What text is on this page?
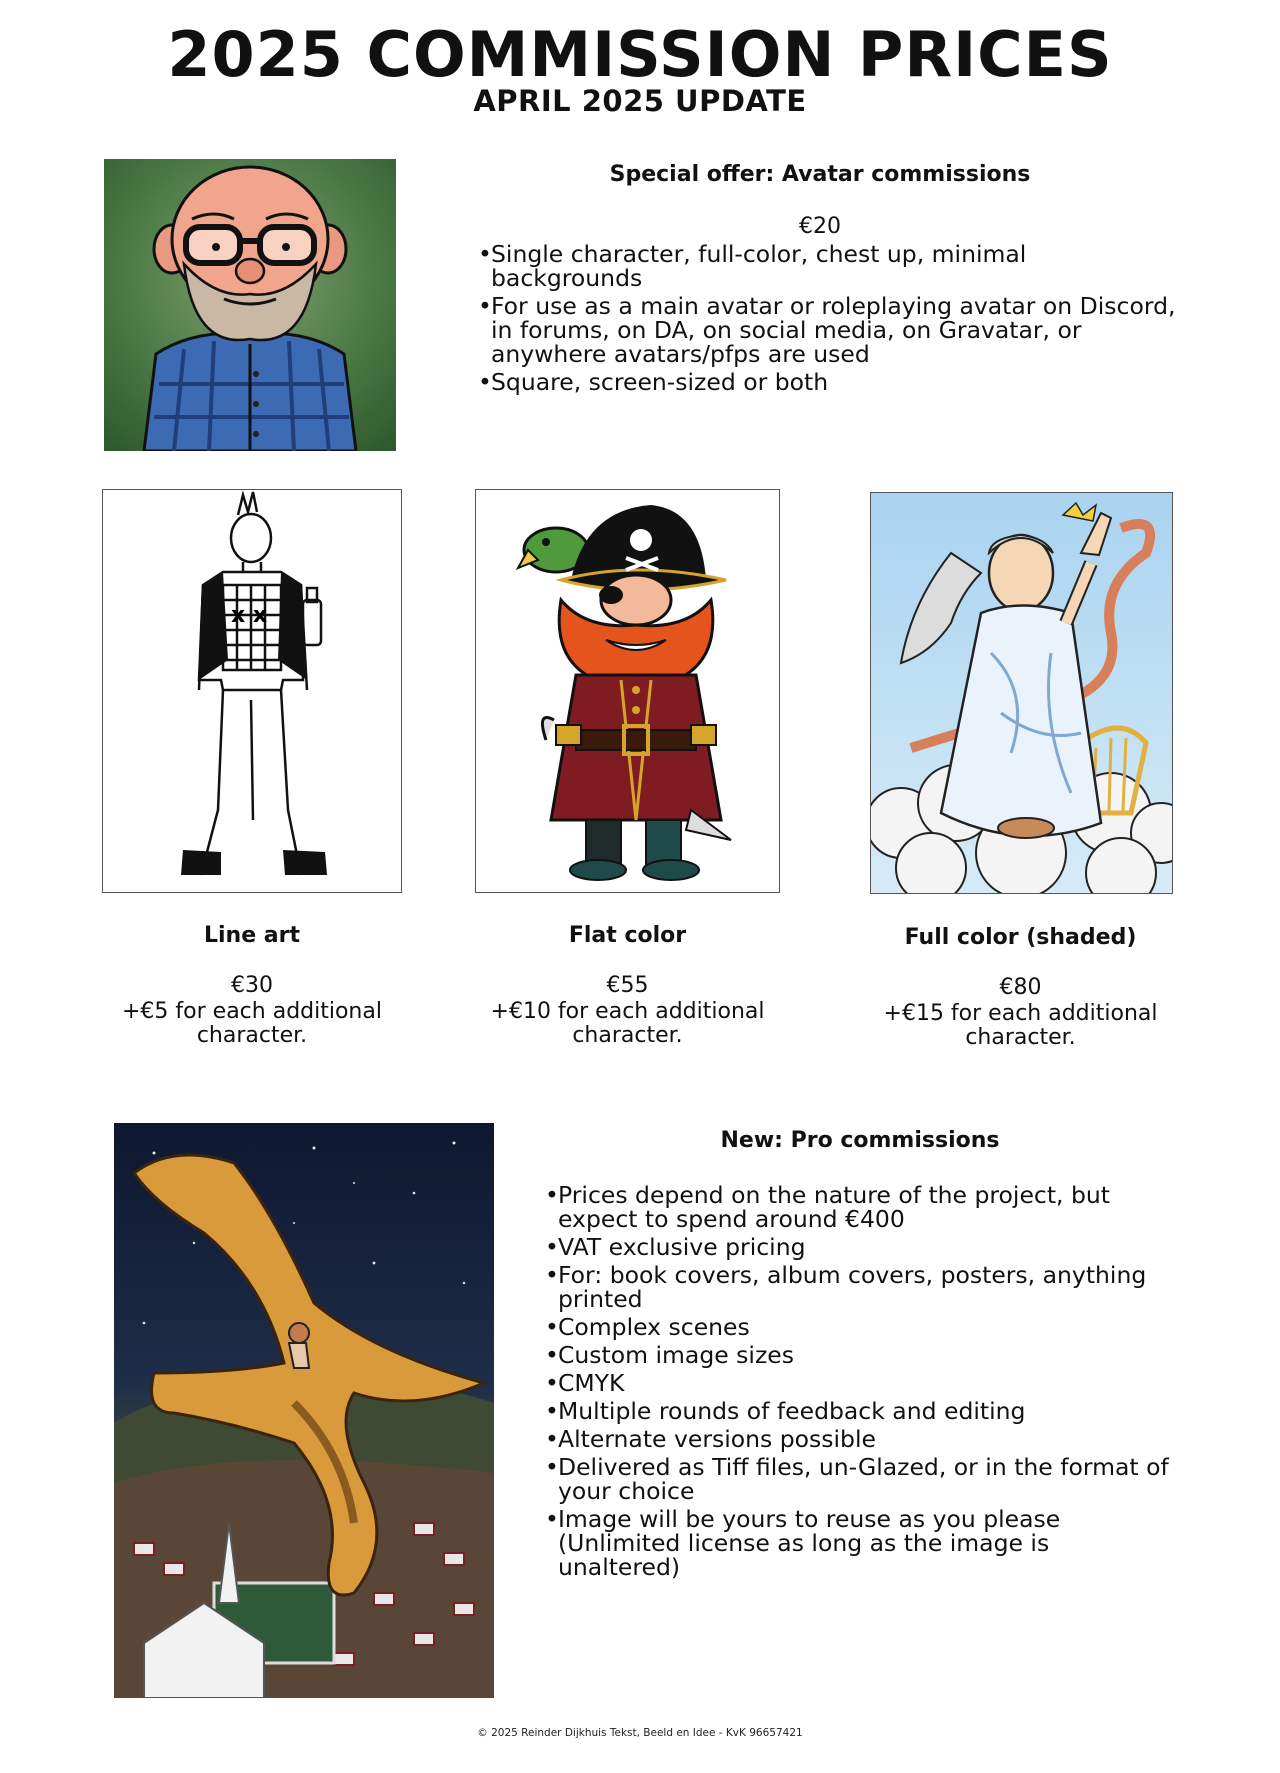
2025 COMMISSION PRICES
APRIL 2025 UPDATE
Special offer: Avatar commissions
€20
• Single character, full-color, chest up, minimal backgrounds
• For use as a main avatar or roleplaying avatar on Discord, in forums, on DA, on social media, on Gravatar, or anywhere avatars/pfps are used
• Square, screen-sized or both
x x
Line art
€30
+€5 for each additional character.
Flat color
€55
+€10 for each additional character.
Full color (shaded)
€80
+€15 for each additional character.
New: Pro commissions
• Prices depend on the nature of the project, but expect to spend around €400
• VAT exclusive pricing
• For: book covers, album covers, posters, anything printed
• Complex scenes
• Custom image sizes
• CMYK
• Multiple rounds of feedback and editing
• Alternate versions possible
• Delivered as Tiff files, un-Glazed, or in the format of your choice
• Image will be yours to reuse as you please (Unlimited license as long as the image is unaltered)
© 2025 Reinder Dijkhuis Tekst, Beeld en Idee - KvK 96657421
